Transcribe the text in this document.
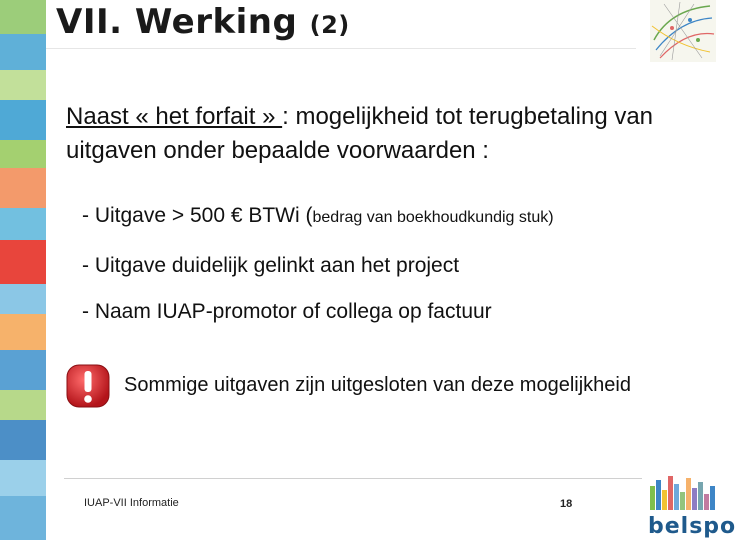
VII. Werking (2)
Naast « het forfait » : mogelijkheid tot terugbetaling van uitgaven onder bepaalde voorwaarden :
- Uitgave > 500 € BTWi (bedrag van boekhoudkundig stuk)
- Uitgave duidelijk gelinkt aan het project
- Naam IUAP-promotor of collega op factuur
Sommige uitgaven zijn uitgesloten van deze mogelijkheid
IUAP-VII Informatie	18
belspo
